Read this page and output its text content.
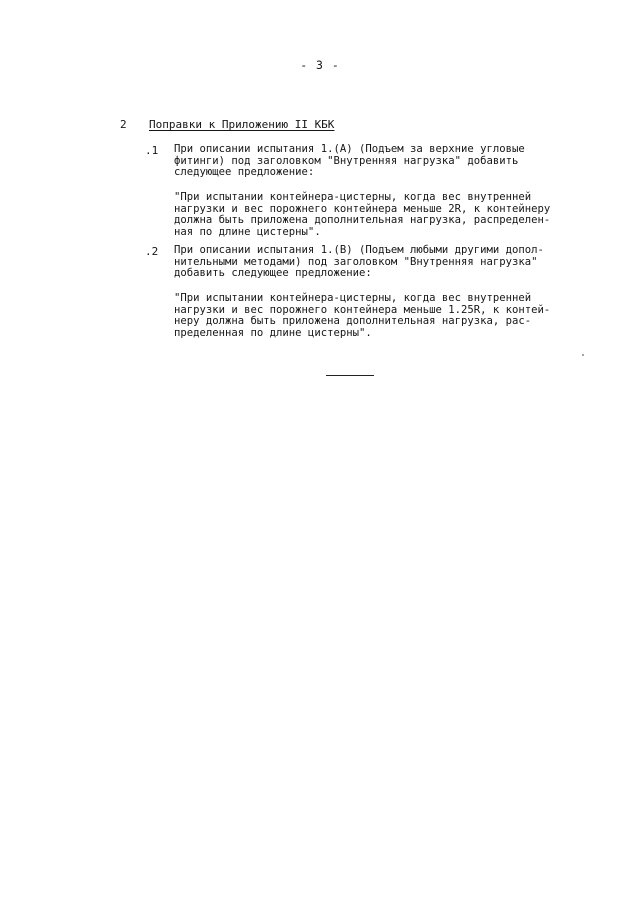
- 3 -
2 Поправки к Приложению II КБК
.1 При описании испытания 1.(A) (Подъем за верхние угловые
фитинги) под заголовком "Внутренняя нагрузка" добавить
следующее предложение:

"При испытании контейнера-цистерны, когда вес внутренней
нагрузки и вес порожнего контейнера меньше 2R, к контейнеру
должна быть приложена дополнительная нагрузка, распределен-
ная по длине цистерны".

.2 При описании испытания 1.(B) (Подъем любыми другими допол-
нительными методами) под заголовком "Внутренняя нагрузка"
добавить следующее предложение:

"При испытании контейнера-цистерны, когда вес внутренней
нагрузки и вес порожнего контейнера меньше 1.25R, к контей-
неру должна быть приложена дополнительная нагрузка, рас-
пределенная по длине цистерны".
